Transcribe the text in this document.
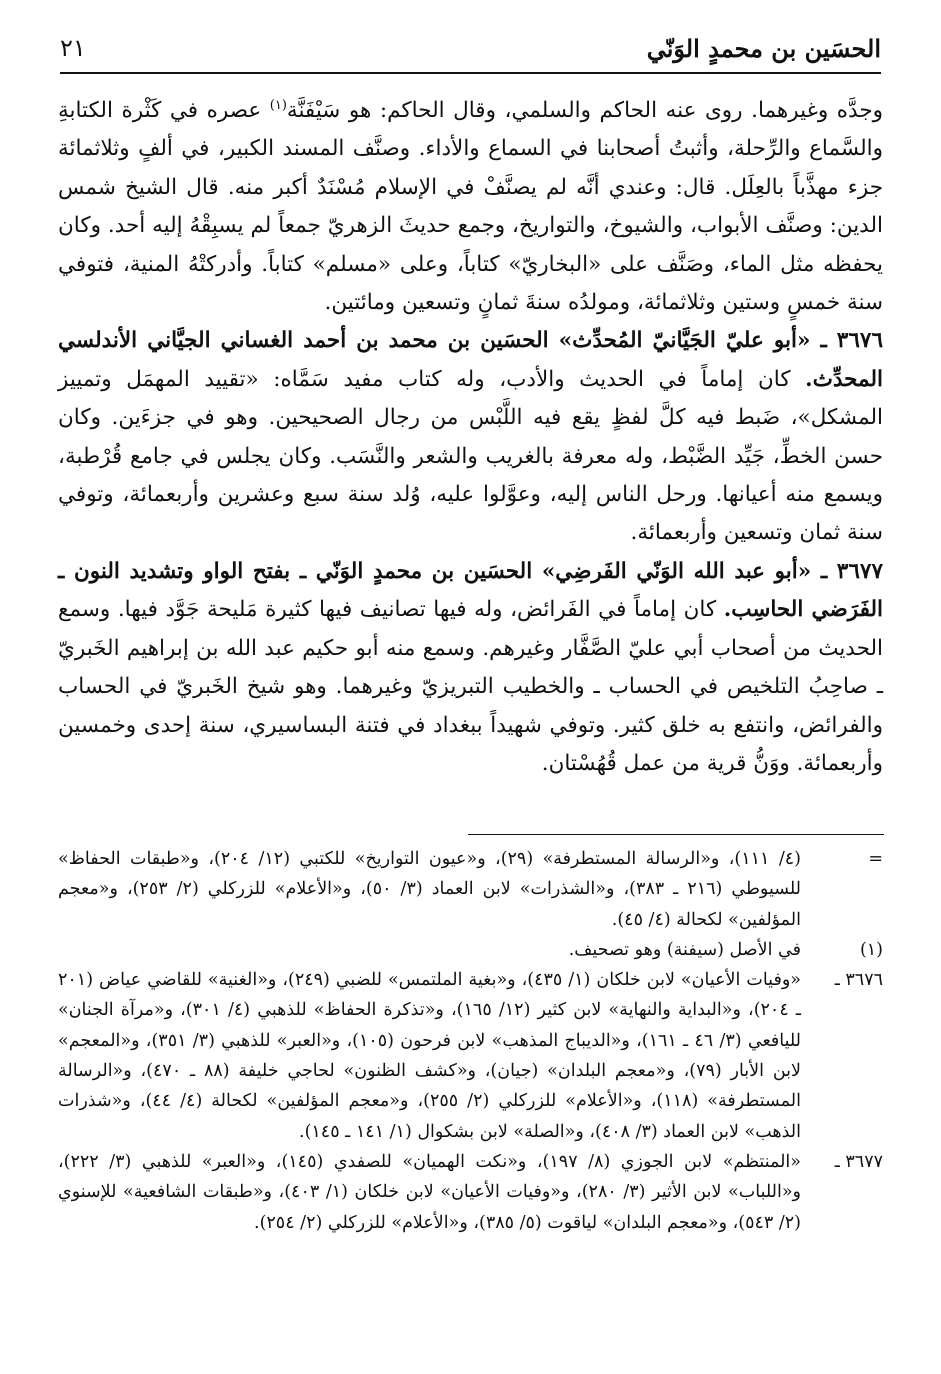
الحسَين بن محمدٍ الوَنّي
٢١

وجدَّه وغيرهما. روى عنه الحاكم والسلمي، وقال الحاكم: هو سَيْفَنَّة$^{(١)}$ عصره في كَثْرة الكتابةِ والسَّماع والرِّحلة، وأثبتُ أصحابنا في السماع والأداء. وصنَّف المسند الكبير، في ألفٍ وثلاثمائة جزء مهذَّباً بالعِلَل. قال: وعندي أنَّه لم يصنَّفْ في الإسلام مُسْنَدٌ أكبر منه. قال الشيخ شمس الدين: وصنَّف الأبواب، والشيوخ، والتواريخ، وجمع حديثَ الزهريّ جمعاً لم يسبِقْهُ إليه أحد. وكان يحفظه مثل الماء، وصَنَّف على «البخاريّ» كتاباً، وعلى «مسلم» كتاباً. وأدركتْهُ المنية، فتوفي سنة خمسٍ وستين وثلاثمائة، ومولدُه سنةَ ثمانٍ وتسعين ومائتين.

٣٦٧٦ ـ «أبو عليّ الجَيَّانيّ المُحدِّث» الحسَين بن محمد بن أحمد الغساني الجيَّاني الأندلسي المحدِّث. كان إماماً في الحديث والأدب، وله كتاب مفيد سَمَّاه: «تقييد المهمَل وتمييز المشكل»، ضَبط فيه كلَّ لفظٍ يقع فيه اللَّبْس من رجال الصحيحين. وهو في جزءَين. وكان حسن الخطِّ، جَيِّد الضَّبْط، وله معرفة بالغريب والشعر والنَّسَب. وكان يجلس في جامع قُرْطبة، ويسمع منه أعيانها. ورحل الناس إليه، وعوَّلوا عليه، وُلد سنة سبع وعشرين وأربعمائة، وتوفي سنة ثمان وتسعين وأربعمائة.

٣٦٧٧ ـ «أبو عبد الله الوَنّي الفَرضِي» الحسَين بن محمدٍ الوَنّي ـ بفتح الواو وتشديد النون ـ الفَرَضي الحاسِب. كان إماماً في الفَرائض، وله فيها تصانيف فيها كثيرة مَليحة جَوَّد فيها. وسمع الحديث من أصحاب أبي عليّ الصَّفَّار وغيرهم. وسمع منه أبو حكيم عبد الله بن إبراهيم الخَبريّ ـ صاحِبُ التلخيص في الحساب ـ والخطيب التبريزيّ وغيرهما. وهو شيخ الخَبريّ في الحساب والفرائض، وانتفع به خلق كثير. وتوفي شهيداً ببغداد في فتنة البساسيري، سنة إحدى وخمسين وأربعمائة. ووَنُّ قرية من عمل قُهُسْتان.

=
(٤/ ١١١)، و«الرسالة المستطرفة» (٢٩)، و«عيون التواريخ» للكتبي (١٢/ ٢٠٤)، و«طبقات الحفاظ» للسيوطي (٢١٦ ـ ٣٨٣)، و«الشذرات» لابن العماد (٣/ ٥٠)، و«الأعلام» للزركلي (٢/ ٢٥٣)، و«معجم المؤلفين» لكحالة (٤/ ٤٥).
(١)
في الأصل (سيفنة) وهو تصحيف.
٣٦٧٦ ـ
«وفيات الأعيان» لابن خلكان (١/ ٤٣٥)، و«بغية الملتمس» للضبي (٢٤٩)، و«الغنية» للقاضي عياض (٢٠١ ـ ٢٠٤)، و«البداية والنهاية» لابن كثير (١٢/ ١٦٥)، و«تذكرة الحفاظ» للذهبي (٤/ ٣٠١)، و«مرآة الجنان» لليافعي (٣/ ٤٦ ـ ١٦١)، و«الديباج المذهب» لابن فرحون (١٠٥)، و«العبر» للذهبي (٣/ ٣٥١)، و«المعجم» لابن الأبار (٧٩)، و«معجم البلدان» (جيان)، و«كشف الظنون» لحاجي خليفة (٨٨ ـ ٤٧٠)، و«الرسالة المستطرفة» (١١٨)، و«الأعلام» للزركلي (٢/ ٢٥٥)، و«معجم المؤلفين» لكحالة (٤/ ٤٤)، و«شذرات الذهب» لابن العماد (٣/ ٤٠٨)، و«الصلة» لابن بشكوال (١/ ١٤١ ـ ١٤٥).
٣٦٧٧ ـ
«المنتظم» لابن الجوزي (٨/ ١٩٧)، و«نكت الهميان» للصفدي (١٤٥)، و«العبر» للذهبي (٣/ ٢٢٢)، و«اللباب» لابن الأثير (٣/ ٢٨٠)، و«وفيات الأعيان» لابن خلكان (١/ ٤٠٣)، و«طبقات الشافعية» للإسنوي (٢/ ٥٤٣)، و«معجم البلدان» لياقوت (٥/ ٣٨٥)، و«الأعلام» للزركلي (٢/ ٢٥٤).
